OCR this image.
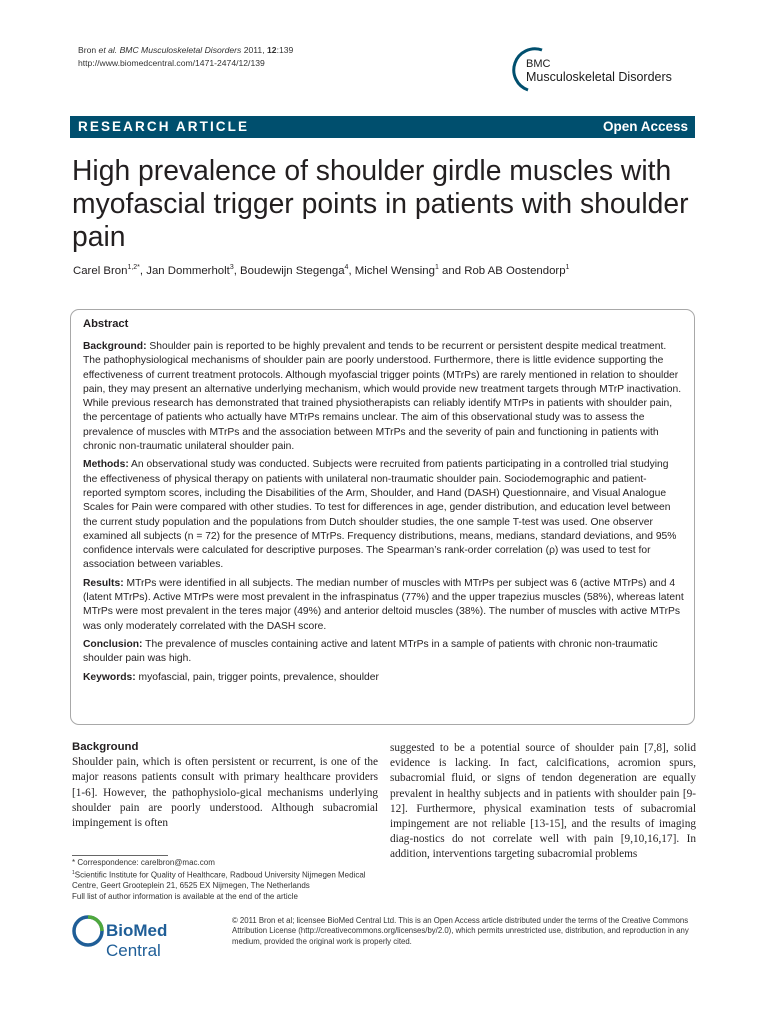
Bron et al. BMC Musculoskeletal Disorders 2011, 12:139
http://www.biomedcentral.com/1471-2474/12/139	BMC
Musculoskeletal Disorders
RESEARCH ARTICLE	Open Access
High prevalence of shoulder girdle muscles with myofascial trigger points in patients with shoulder pain
Carel Bron$^{1,2*}$, Jan Dommerholt$^3$, Boudewijn Stegenga$^4$, Michel Wensing$^1$ and Rob AB Oostendorp$^1$
Abstract

Background: Shoulder pain is reported to be highly prevalent and tends to be recurrent or persistent despite medical treatment. The pathophysiological mechanisms of shoulder pain are poorly understood. Furthermore, there is little evidence supporting the effectiveness of current treatment protocols. Although myofascial trigger points (MTrPs) are rarely mentioned in relation to shoulder pain, they may present an alternative underlying mechanism, which would provide new treatment targets through MTrP inactivation. While previous research has demonstrated that trained physiotherapists can reliably identify MTrPs in patients with shoulder pain, the percentage of patients who actually have MTrPs remains unclear. The aim of this observational study was to assess the prevalence of muscles with MTrPs and the association between MTrPs and the severity of pain and functioning in patients with chronic non-traumatic unilateral shoulder pain.

Methods: An observational study was conducted. Subjects were recruited from patients participating in a controlled trial studying the effectiveness of physical therapy on patients with unilateral non-traumatic shoulder pain. Sociodemographic and patient-reported symptom scores, including the Disabilities of the Arm, Shoulder, and Hand (DASH) Questionnaire, and Visual Analogue Scales for Pain were compared with other studies. To test for differences in age, gender distribution, and education level between the current study population and the populations from Dutch shoulder studies, the one sample T-test was used. One observer examined all subjects (n = 72) for the presence of MTrPs. Frequency distributions, means, medians, standard deviations, and 95% confidence intervals were calculated for descriptive purposes. The Spearman’s rank-order correlation (ρ) was used to test for association between variables.

Results: MTrPs were identified in all subjects. The median number of muscles with MTrPs per subject was 6 (active MTrPs) and 4 (latent MTrPs). Active MTrPs were most prevalent in the infraspinatus (77%) and the upper trapezius muscles (58%), whereas latent MTrPs were most prevalent in the teres major (49%) and anterior deltoid muscles (38%). The number of muscles with active MTrPs was only moderately correlated with the DASH score.

Conclusion: The prevalence of muscles containing active and latent MTrPs in a sample of patients with chronic non-traumatic shoulder pain was high.

Keywords: myofascial, pain, trigger points, prevalence, shoulder

Background

Shoulder pain, which is often persistent or recurrent, is one of the major reasons patients consult with primary healthcare providers [1-6]. However, the pathophysiolo-gical mechanisms underlying shoulder pain are poorly understood. Although subacromial impingement is often

suggested to be a potential source of shoulder pain [7,8], solid evidence is lacking. In fact, calcifications, acromion spurs, subacromial fluid, or signs of tendon degeneration are equally prevalent in healthy subjects and in patients with shoulder pain [9-12]. Furthermore, physical examination tests of subacromial impingement are not reliable [13-15], and the results of imaging diag-nostics do not correlate well with pain [9,10,16,17]. In addition, interventions targeting subacromial problems

* Correspondence: carelbron@mac.com
$^1$Scientific Institute for Quality of Healthcare, Radboud University Nijmegen Medical Centre, Geert Grooteplein 21, 6525 EX Nijmegen, The Netherlands
Full list of author information is available at the end of the article
BioMed Central
© 2011 Bron et al; licensee BioMed Central Ltd. This is an Open Access article distributed under the terms of the Creative Commons Attribution License (http://creativecommons.org/licenses/by/2.0), which permits unrestricted use, distribution, and reproduction in any medium, provided the original work is properly cited.
